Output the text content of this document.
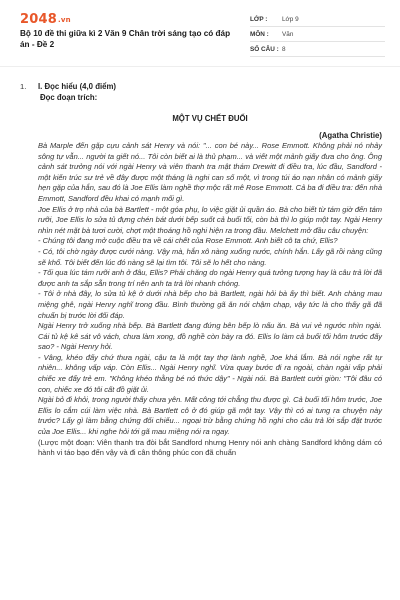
2048.vn
Bộ 10 đề thi giữa kì 2 Văn 9 Chân trời sáng tạo có đáp án - Đề 2
LỚP :	Lớp 9
MÔN :	Văn
SỐ CÂU : 8
1. I. Đọc hiểu (4,0 điểm)
Đọc đoạn trích:
MỘT VỤ CHẾT ĐUỐI
(Agatha Christie)

Bà Marple đến gặp cựu cảnh sát Henry và nói: "... con bé này... Rose Emmott. Không phải nó nhảy sông tự vẫn... người ta giết nó... Tôi còn biết ai là thủ phạm... và viết một mảnh giấy đưa cho ông. Ông cảnh sát trưởng nói với ngài Henry và viên thanh tra mật thám Drewitt đi điều tra, lúc đầu, Sandford - một kiến trúc sư trẻ về đây được một tháng là nghi can số một, vì trong túi áo nạn nhân có mảnh giấy hẹn gặp của hắn, sau đó là Joe Ellis làm nghề thợ mộc rất mê Rose Emmott. Cả ba đi điều tra: đến nhà Emmott, Sandford đều khai có mạnh mối gì.

Joe Ellis ở trọ nhà của bà Bartlett - một góa phụ, lo việc giặt ủi quần áo. Bà cho biết từ tám giờ đến tám rưỡi, Joe Ellis lo sửa tủ đựng chén bát dưới bếp suốt cả buổi tối, còn bà thì lo giúp một tay. Ngài Henry nhìn nét mặt bà tươi cười, chợt một thoáng hồ nghi hiện ra trong đầu. Melchett mở đầu câu chuyện:

- Chúng tôi đang mở cuộc điều tra về cái chết của Rose Emmott. Anh biết cô ta chứ, Ellis?

- Có, tôi chờ ngày được cưới nàng. Vậy mà, hắn xô nàng xuống nước, chính hắn. Lấy gã rồi nàng cũng sẽ khổ. Tôi biết đến lúc đó nàng sẽ lại tìm tôi. Tôi sẽ lo hết cho nàng.

- Tối qua lúc tám rưỡi anh ở đâu, Ellis? Phải chăng do ngài Henry quá tưởng tượng hay là câu trả lời đã được anh ta sắp sẵn trong trí nên anh ta trả lời nhanh chóng.

- Tôi ở nhà đây, lo sửa tủ kệ ở dưới nhà bếp cho bà Bartlett, ngài hỏi bà ấy thì biết. Anh chàng mau miệng ghê, ngài Henry nghĩ trong đầu. Bình thường gã ăn nói chậm chạp, vậy tức là cho thấy gã đã chuẩn bị trước lời đối đáp.

Ngài Henry trở xuống nhà bếp. Bà Bartlett đang đứng bên bếp lò nấu ăn. Bà vui vẻ ngước nhìn ngài. Cái tủ kệ kê sát vô vách, chưa làm xong, đồ nghề còn bày ra đó. Ellis lo làm cả buổi tối hôm trước đấy sao? - Ngài Henry hỏi.

- Vâng, khéo đấy chứ thưa ngài, cậu ta là một tay thợ lành nghề, Joe khá lắm. Bà nói nghe rất tự nhiên... không vấp váp. Còn Ellis... Ngài Henry nghĩ. Vừa quay bước đi ra ngoài, chàn ngài vấp phải chiếc xe đẩy trẻ em. "Không khéo thằng bé nó thức dậy" - Ngài nói. Bà Bartlett cười giòn: "Tôi đâu có con, chiếc xe đó tôi cất đồ giặt ủi.

Ngài bỏ đi khỏi, trong người thấy chưa yên. Mất công tới chẳng thu được gì. Cả buổi tối hôm trước, Joe Ellis lo cắm cúi làm việc nhà. Bà Bartlett cô ở đó giúp gã một tay. Vậy thì có ai tung ra chuyện này trước? Lấy gì làm bằng chứng đối chiếu... ngoại trừ bằng chứng hồ nghi cho câu trả lời sắp đặt trước của Joe Ellis... khi nghe hỏi tới gã mau miệng nói ra ngay.

(Lược một đoạn: Viên thanh tra đòi bắt Sandford nhưng Henry nói anh chàng Sandford không dám có hành vi táo bạo đến vậy và đi cân thông phúc con đã chuẩn
